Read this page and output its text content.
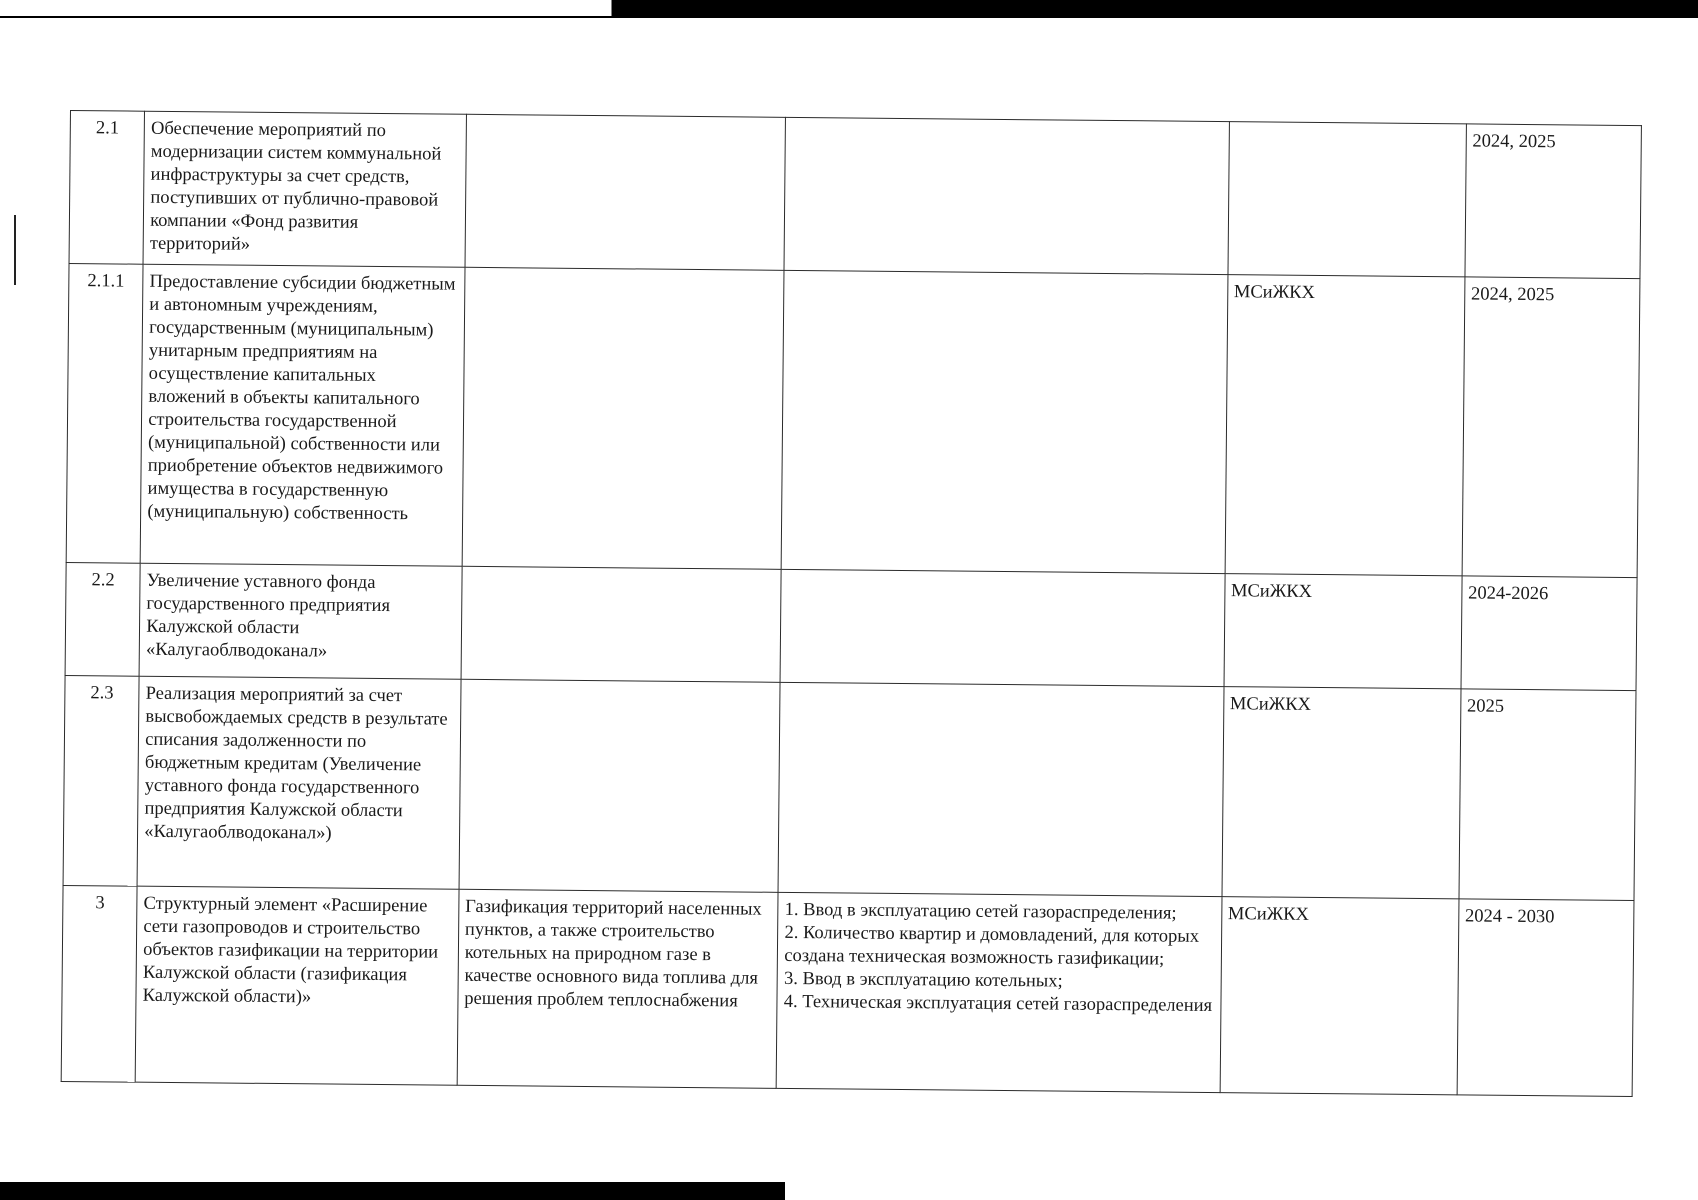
2.1	Обеспечение мероприятий по модернизации систем коммунальной инфраструктуры за счет средств, поступивших от публично-правовой компании «Фонд развития территорий»				2024, 2025
2.1.1	Предоставление субсидии бюджетным и автономным учреждениям, государственным (муниципальным) унитарным предприятиям на осуществление капитальных вложений в объекты капитального строительства государственной (муниципальной) собственности или приобретение объектов недвижимого имущества в государственную (муниципальную) собственность			МСиЖКХ	2024, 2025
2.2	Увеличение уставного фонда государственного предприятия Калужской области «Калугаоблводоканал»			МСиЖКХ	2024-2026
2.3	Реализация мероприятий за счет высвобождаемых средств в результате списания задолженности по бюджетным кредитам (Увеличение уставного фонда государственного предприятия Калужской области «Калугаоблводоканал»)			МСиЖКХ	2025
3	Структурный элемент «Расширение сети газопроводов и строительство объектов газификации на территории Калужской области (газификация Калужской области)»	Газификация территорий населенных пунктов, а также строительство котельных на природном газе в качестве основного вида топлива для решения проблем теплоснабжения	1. Ввод в эксплуатацию сетей газораспределения;
2. Количество квартир и домовладений, для которых создана техническая возможность газификации;
3. Ввод в эксплуатацию котельных;
4. Техническая эксплуатация сетей газораспределения	МСиЖКХ	2024 - 2030
